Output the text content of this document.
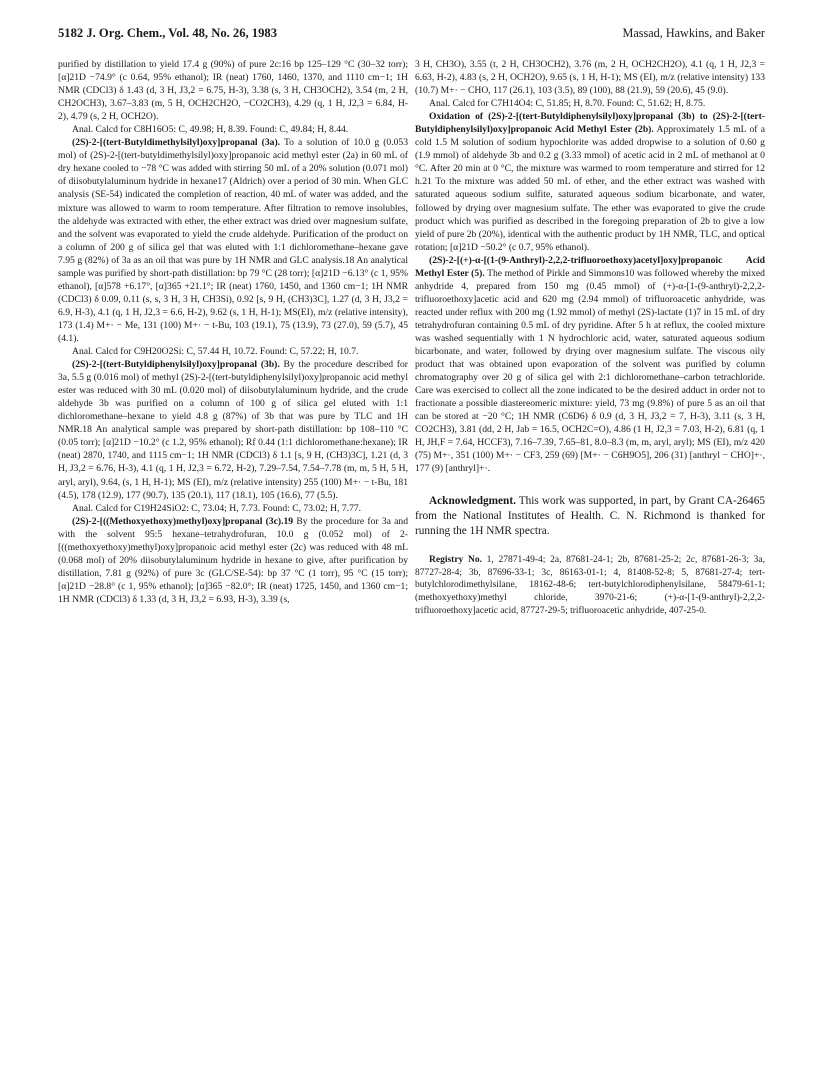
5182 J. Org. Chem., Vol. 48, No. 26, 1983	Massad, Hawkins, and Baker

purified by distillation to yield 17.4 g (90%) of pure 2c:16 bp 125–129 °C (30–32 torr); [α]21D −74.9° (c 0.64, 95% ethanol); IR (neat) 1760, 1460, 1370, and 1110 cm−1; 1H NMR (CDCl3) δ 1.43 (d, 3 H, J3,2 = 6.75, H-3), 3.38 (s, 3 H, CH3OCH2), 3.54 (m, 2 H, CH2OCH3), 3.67–3.83 (m, 5 H, OCH2CH2O, −CO2CH3), 4.29 (q, 1 H, J2,3 = 6.84, H-2), 4.79 (s, 2 H, OCH2O).

Anal. Calcd for C8H16O5: C, 49.98; H, 8.39. Found: C, 49.84; H, 8.44.

(2S)-2-[(tert-Butyldimethylsilyl)oxy]propanal (3a). To a solution of 10.0 g (0.053 mol) of (2S)-2-[(tert-butyldimethylsilyl)oxy]propanoic acid methyl ester (2a) in 60 mL of dry hexane cooled to −78 °C was added with stirring 50 mL of a 20% solution (0.071 mol) of diisobutylaluminum hydride in hexane17 (Aldrich) over a period of 30 min. When GLC analysis (SE-54) indicated the completion of reaction, 40 mL of water was added, and the mixture was allowed to warm to room temperature. After filtration to remove insolubles, the aldehyde was extracted with ether, the ether extract was dried over magnesium sulfate, and the solvent was evaporated to yield the crude aldehyde. Purification of the product on a column of 200 g of silica gel that was eluted with 1:1 dichloromethane–hexane gave 7.95 g (82%) of 3a as an oil that was pure by 1H NMR and GLC analysis.18 An analytical sample was purified by short-path distillation: bp 79 °C (28 torr); [α]21D −6.13° (c 1, 95% ethanol), [α]578 +6.17°, [α]365 +21.1°; IR (neat) 1760, 1450, and 1360 cm−1; 1H NMR (CDCl3) δ 0.09, 0.11 (s, s, 3 H, 3 H, CH3Si), 0.92 [s, 9 H, (CH3)3C], 1.27 (d, 3 H, J3,2 = 6.9, H-3), 4.1 (q, 1 H, J2,3 = 6.6, H-2), 9.62 (s, 1 H, H-1); MS(EI), m/z (relative intensity), 173 (1.4) M+· − Me, 131 (100) M+· − t-Bu, 103 (19.1), 75 (13.9), 73 (27.0), 59 (5.7), 45 (4.1).

Anal. Calcd for C9H20O2Si: C, 57.44 H, 10.72. Found: C, 57.22; H, 10.7.

(2S)-2-[(tert-Butyldiphenylsilyl)oxy]propanal (3b). By the procedure described for 3a, 5.5 g (0.016 mol) of methyl (2S)-2-[(tert-butyldiphenylsilyl)oxy]propanoic acid methyl ester was reduced with 30 mL (0.020 mol) of diisobutylaluminum hydride, and the crude aldehyde 3b was purified on a column of 100 g of silica gel eluted with 1:1 dichloromethane–hexane to yield 4.8 g (87%) of 3b that was pure by TLC and 1H NMR.18 An analytical sample was prepared by short-path distillation: bp 108–110 °C (0.05 torr); [α]21D −10.2° (c 1.2, 95% ethanol); Rf 0.44 (1:1 dichloromethane:hexane); IR (neat) 2870, 1740, and 1115 cm−1; 1H NMR (CDCl3) δ 1.1 [s, 9 H, (CH3)3C], 1.21 (d, 3 H, J3,2 = 6.76, H-3), 4.1 (q, 1 H, J2,3 = 6.72, H-2), 7.29–7.54, 7.54–7.78 (m, m, 5 H, 5 H, aryl, aryl), 9.64, (s, 1 H, H-1); MS (EI), m/z (relative intensity) 255 (100) M+· − t-Bu, 181 (4.5), 178 (12.9), 177 (90.7), 135 (20.1), 117 (18.1), 105 (16.6), 77 (5.5).

Anal. Calcd for C19H24SiO2: C, 73.04; H, 7.73. Found: C, 73.02; H, 7.77.

(2S)-2-[((Methoxyethoxy)methyl)oxy]propanal (3c).19 By the procedure for 3a and with the solvent 95:5 hexane–tetrahydrofuran, 10.0 g (0.052 mol) of 2-[((methoxyethoxy)methyl)oxy]propanoic acid methyl ester (2c) was reduced with 48 mL (0.068 mol) of 20% diisobutylaluminum hydride in hexane to give, after purification by distillation, 7.81 g (92%) of pure 3c (GLC/SE-54): bp 37 °C (1 torr), 95 °C (15 torr); [α]21D −28.8° (c 1, 95% ethanol); [α]365 −82.0°; IR (neat) 1725, 1450, and 1360 cm−1; 1H NMR (CDCl3) δ 1.33 (d, 3 H, J3,2 = 6.93, H-3), 3.39 (s,

3 H, CH3O), 3.55 (t, 2 H, CH3OCH2), 3.76 (m, 2 H, OCH2CH2O), 4.1 (q, 1 H, J2,3 = 6.63, H-2), 4.83 (s, 2 H, OCH2O), 9.65 (s, 1 H, H-1); MS (EI), m/z (relative intensity) 133 (10.7) M+· − CHO, 117 (26.1), 103 (3.5), 89 (100), 88 (21.9), 59 (20.6), 45 (9.0).

Anal. Calcd for C7H14O4: C, 51.85; H, 8.70. Found: C, 51.62; H, 8.75.

Oxidation of (2S)-2-[(tert-Butyldiphenylsilyl)oxy]propanal (3b) to (2S)-2-[(tert-Butyldiphenylsilyl)oxy]propanoic Acid Methyl Ester (2b). Approximately 1.5 mL of a cold 1.5 M solution of sodium hypochlorite was added dropwise to a solution of 0.60 g (1.9 mmol) of aldehyde 3b and 0.2 g (3.33 mmol) of acetic acid in 2 mL of methanol at 0 °C. After 20 min at 0 °C, the mixture was warmed to room temperature and stirred for 12 h.21 To the mixture was added 50 mL of ether, and the ether extract was washed with saturated aqueous sodium sulfite, saturated aqueous sodium bicarbonate, and water, followed by drying over magnesium sulfate. The ether was evaporated to give the crude product which was purified as described in the foregoing preparation of 2b to give a low yield of pure 2b (20%), identical with the authentic product by 1H NMR, TLC, and optical rotation; [α]21D −50.2° (c 0.7, 95% ethanol).

(2S)-2-[(+)-α-[(1-(9-Anthryl)-2,2,2-trifluoroethoxy)acetyl]oxy]propanoic Acid Methyl Ester (5). The method of Pirkle and Simmons10 was followed whereby the mixed anhydride 4, prepared from 150 mg (0.45 mmol) of (+)-α-[1-(9-anthryl)-2,2,2-trifluoroethoxy]acetic acid and 620 mg (2.94 mmol) of trifluoroacetic anhydride, was reacted under reflux with 200 mg (1.92 mmol) of methyl (2S)-lactate (1)7 in 15 mL of dry tetrahydrofuran containing 0.5 mL of dry pyridine. After 5 h at reflux, the cooled mixture was washed sequentially with 1 N hydrochloric acid, water, saturated aqueous sodium bicarbonate, and water, followed by drying over magnesium sulfate. The viscous oily product that was obtained upon evaporation of the solvent was purified by column chromatography over 20 g of silica gel with 2:1 dichloromethane–carbon tetrachloride. Care was exercised to collect all the zone indicated to be the desired adduct in order not to fractionate a possible diastereomeric mixture: yield, 73 mg (9.8%) of pure 5 as an oil that can be stored at −20 °C; 1H NMR (C6D6) δ 0.9 (d, 3 H, J3,2 = 7, H-3), 3.11 (s, 3 H, CO2CH3), 3.81 (dd, 2 H, Jab = 16.5, OCH2C=O), 4.86 (1 H, J2,3 = 7.03, H-2), 6.81 (q, 1 H, JH,F = 7.64, HCCF3), 7.16–7.39, 7.65–81, 8.0–8.3 (m, m, aryl, aryl); MS (EI), m/z 420 (75) M+·, 351 (100) M+· − CF3, 259 (69) [M+· − C6H9O5], 206 (31) [anthryl − CHO]+·, 177 (9) [anthryl]+·.

Acknowledgment. This work was supported, in part, by Grant CA-26465 from the National Institutes of Health. C. N. Richmond is thanked for running the 1H NMR spectra.

Registry No. 1, 27871-49-4; 2a, 87681-24-1; 2b, 87681-25-2; 2c, 87681-26-3; 3a, 87727-28-4; 3b, 87696-33-1; 3c, 86163-01-1; 4, 81408-52-8; 5, 87681-27-4; tert-butylchlorodimethylsilane, 18162-48-6; tert-butylchlorodiphenylsilane, 58479-61-1; (methoxyethoxy)methyl chloride, 3970-21-6; (+)-α-[1-(9-anthryl)-2,2,2-trifluoroethoxy]acetic acid, 87727-29-5; trifluoroacetic anhydride, 407-25-0.
